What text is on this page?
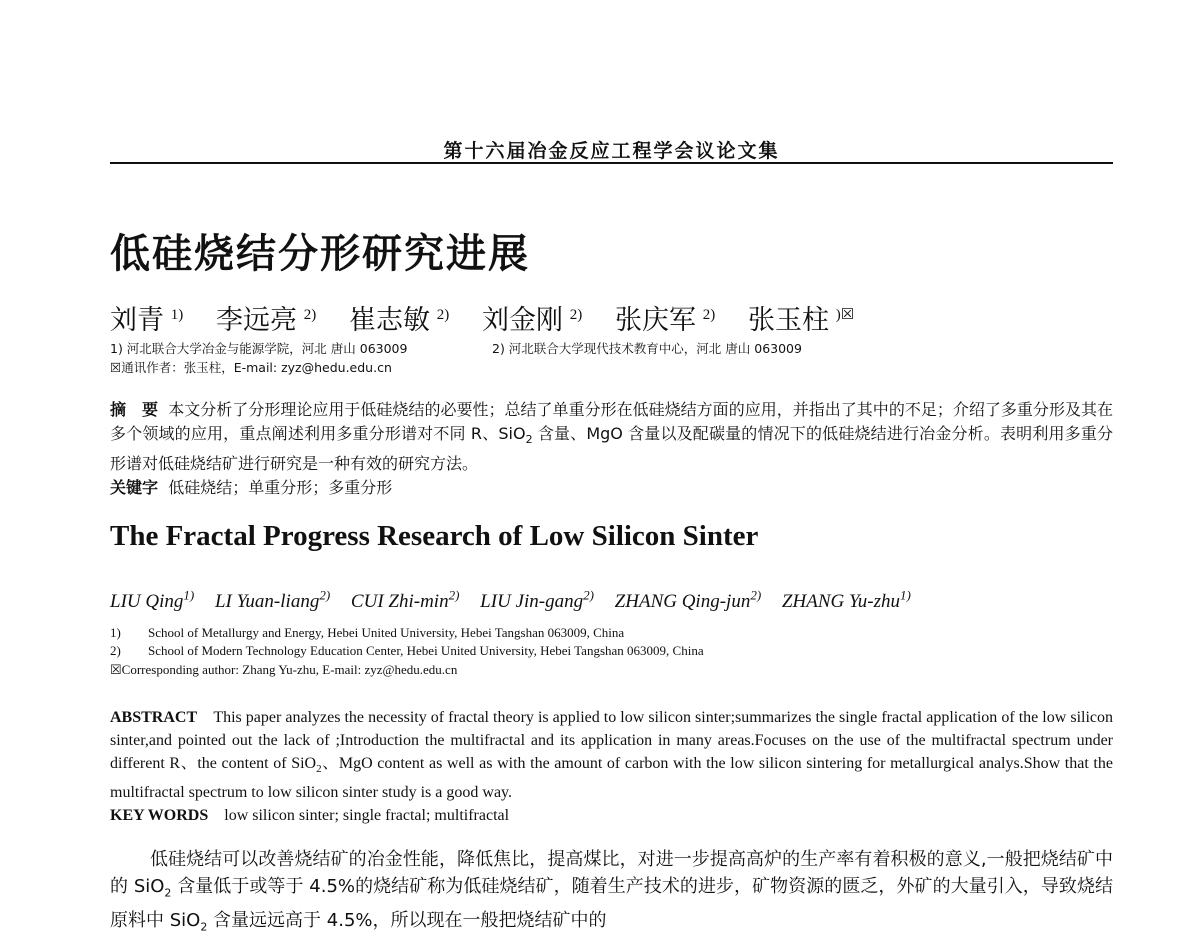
第十六届冶金反应工程学会议论文集
低硅烧结分形研究进展
刘青 $^{1)}$ 李远亮 $^{2)}$ 崔志敏 $^{2)}$ 刘金刚 $^{2)}$ 张庆军 $^{2)}$ 张玉柱 )☒
1) 河北联合大学冶金与能源学院，河北 唐山 063009	2) 河北联合大学现代技术教育中心，河北 唐山 063009
☒通讯作者：张玉柱，E-mail: zyz@hedu.edu.cn
摘　要 本文分析了分形理论应用于低硅烧结的必要性；总结了单重分形在低硅烧结方面的应用，并指出了其中的不足；介绍了多重分形及其在多个领域的应用，重点阐述利用多重分形谱对不同 R、SiO$_2$ 含量、MgO 含量以及配碳量的情况下的低硅烧结进行冶金分析。表明利用多重分形谱对低硅烧结矿进行研究是一种有效的研究方法。
关键字 低硅烧结；单重分形；多重分形
The Fractal Progress Research of Low Silicon Sinter
LIU Qing$^{1)}$ LI Yuan-liang$^{2)}$ CUI Zhi-$\min^{2)}$ LIU Jin-gang$^{2)}$ ZHANG Qing-jun$^{2)}$ ZHANG Yu-zhu$^{1)}$
1) School of Metallurgy and Energy, Hebei United University, Hebei Tangshan 063009, China
2) School of Modern Technology Education Center, Hebei United University, Hebei Tangshan 063009, China
☒Corresponding author: Zhang Yu-zhu, E-mail: zyz@hedu.edu.cn
ABSTRACT This paper analyzes the necessity of fractal theory is applied to low silicon sinter;summarizes the single fractal application of the low silicon sinter,and pointed out the lack of ;Introduction the multifractal and its application in many areas.Focuses on the use of the multifractal spectrum under different R、the content of SiO$_2$、MgO content as well as with the amount of carbon with the low silicon sintering for metallurgical analys.Show that the multifractal spectrum to low silicon sinter study is a good way.
KEY WORDS low silicon sinter; single fractal; multifractal
低硅烧结可以改善烧结矿的冶金性能，降低焦比，提高煤比，对进一步提高高炉的生产率有着积极的意义,一般把烧结矿中的 SiO$_2$ 含量低于或等于 4.5%的烧结矿称为低硅烧结矿，随着生产技术的进步，矿物资源的匮乏，外矿的大量引入，导致烧结原料中 SiO$_2$ 含量远远高于 4.5%，所以现在一般把烧结矿中的
